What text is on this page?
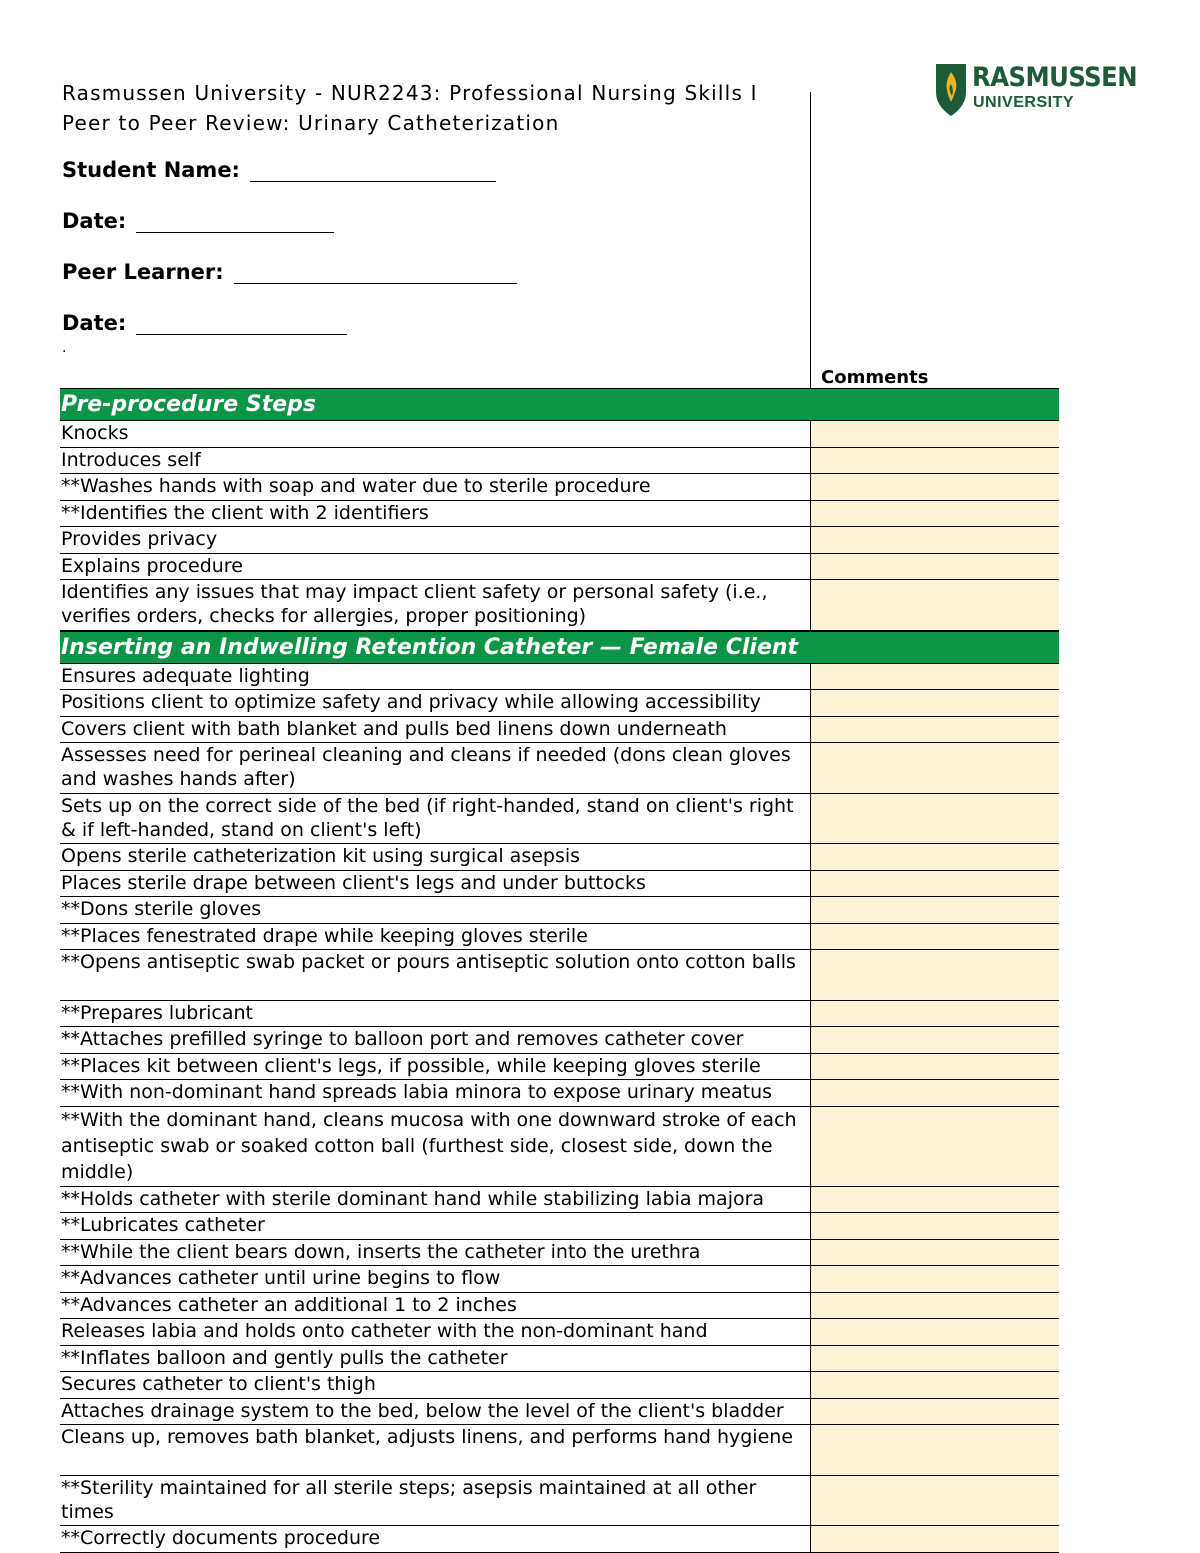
Rasmussen University - NUR2243: Professional Nursing Skills I
Peer to Peer Review: Urinary Catheterization
Student Name:
Date:
Peer Learner:
Date:
.
RASMUSSEN
UNIVERSITY
Comments
Pre-procedure Steps
Knocks
Introduces self
**Washes hands with soap and water due to sterile procedure
**Identifies the client with 2 identifiers
Provides privacy
Explains procedure
Identifies any issues that may impact client safety or personal safety (i.e., verifies orders, checks for allergies, proper positioning)
Inserting an Indwelling Retention Catheter — Female Client
Ensures adequate lighting
Positions client to optimize safety and privacy while allowing accessibility
Covers client with bath blanket and pulls bed linens down underneath
Assesses need for perineal cleaning and cleans if needed (dons clean gloves and washes hands after)
Sets up on the correct side of the bed (if right-handed, stand on client's right & if left-handed, stand on client's left)
Opens sterile catheterization kit using surgical asepsis
Places sterile drape between client's legs and under buttocks
**Dons sterile gloves
**Places fenestrated drape while keeping gloves sterile
**Opens antiseptic swab packet or pours antiseptic solution onto cotton balls
**Prepares lubricant
**Attaches prefilled syringe to balloon port and removes catheter cover
**Places kit between client's legs, if possible, while keeping gloves sterile
**With non-dominant hand spreads labia minora to expose urinary meatus
**With the dominant hand, cleans mucosa with one downward stroke of each antiseptic swab or soaked cotton ball (furthest side, closest side, down the middle)
**Holds catheter with sterile dominant hand while stabilizing labia majora
**Lubricates catheter
**While the client bears down, inserts the catheter into the urethra
**Advances catheter until urine begins to flow
**Advances catheter an additional 1 to 2 inches
Releases labia and holds onto catheter with the non-dominant hand
**Inflates balloon and gently pulls the catheter
Secures catheter to client's thigh
Attaches drainage system to the bed, below the level of the client's bladder
Cleans up, removes bath blanket, adjusts linens, and performs hand hygiene
**Sterility maintained for all sterile steps; asepsis maintained at all other times
**Correctly documents procedure
